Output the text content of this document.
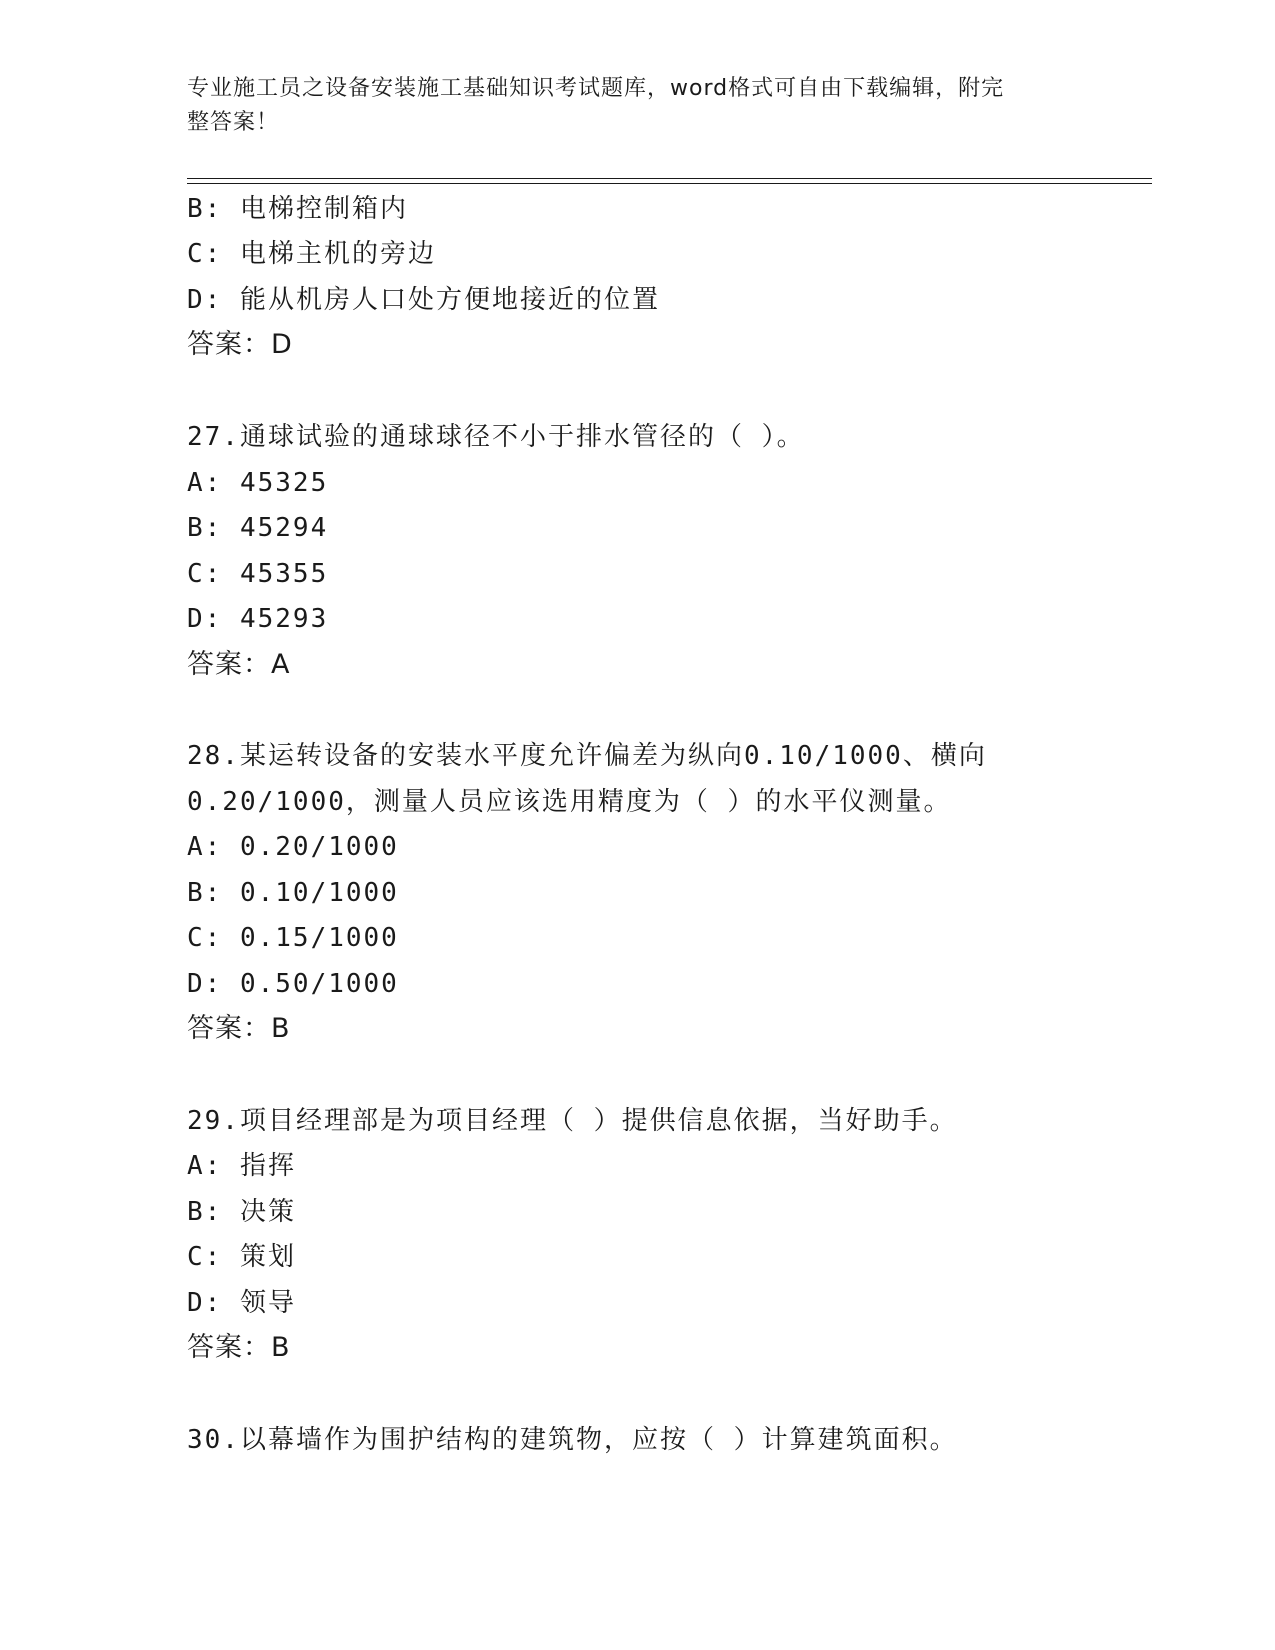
专业施工员之设备安装施工基础知识考试题库，word格式可自由下载编辑，附完
整答案！
B: 电梯控制箱内
C: 电梯主机的旁边
D: 能从机房人口处方便地接近的位置
答案：D
27.通球试验的通球球径不小于排水管径的（ ）。
A: 45325
B: 45294
C: 45355
D: 45293
答案：A
28.某运转设备的安装水平度允许偏差为纵向0.10/1000、横向
0.20/1000，测量人员应该选用精度为（ ）的水平仪测量。
A: 0.20/1000
B: 0.10/1000
C: 0.15/1000
D: 0.50/1000
答案：B
29.项目经理部是为项目经理（ ）提供信息依据，当好助手。
A: 指挥
B: 决策
C: 策划
D: 领导
答案：B
30.以幕墙作为围护结构的建筑物，应按（ ）计算建筑面积。
